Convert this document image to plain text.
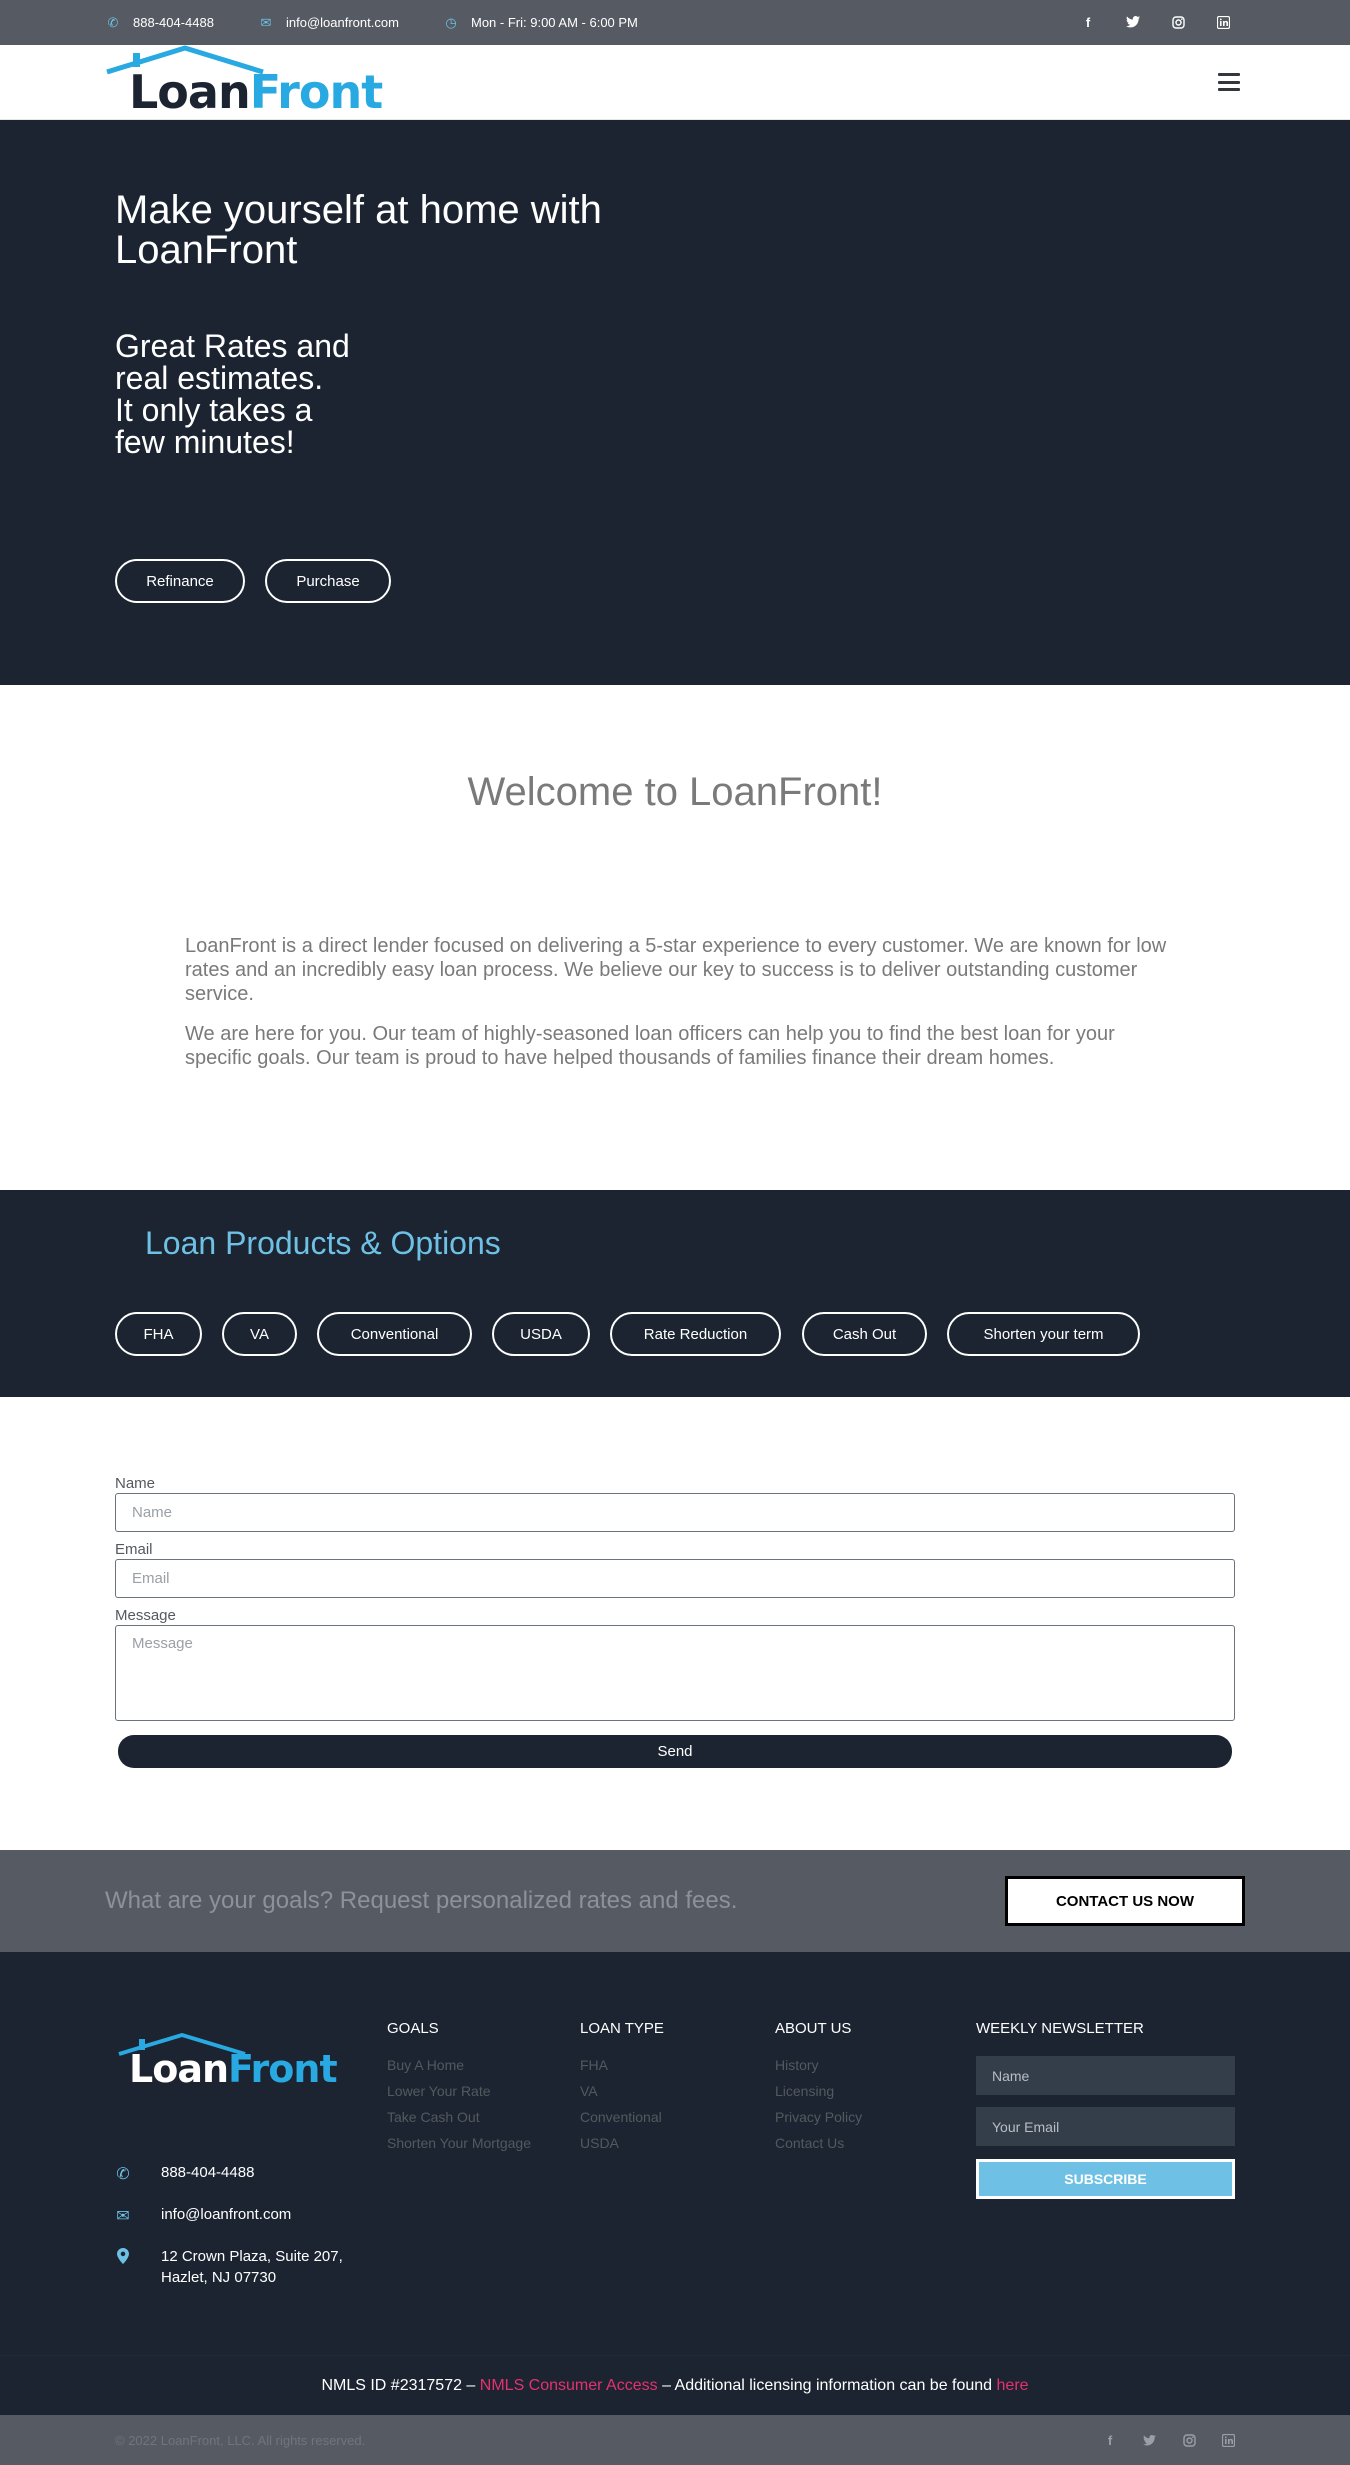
✆ 888-404-4488	✉ info@loanfront.com	◷ Mon - Fri: 9:00 AM - 6:00 PM	f
LoanFront
Make yourself at home with LoanFront
Great Rates and
real estimates.
It only takes a
few minutes!
Refinance	Purchase
Welcome to LoanFront!
LoanFront is a direct lender focused on delivering a 5-star experience to every customer. We are known for low rates and an incredibly easy loan process. We believe our key to success is to deliver outstanding customer service.
We are here for you. Our team of highly-seasoned loan officers can help you to find the best loan for your specific goals. Our team is proud to have helped thousands of families finance their dream homes.
Loan Products & Options
FHA	VA	Conventional	USDA	Rate Reduction	Cash Out	Shorten your term
Name
Name
Email
Email
Message
Message
Send
What are your goals? Request personalized rates and fees.	CONTACT US NOW
LoanFront
GOALS
Buy A Home
Lower Your Rate
Take Cash Out
Shorten Your Mortgage
LOAN TYPE
FHA
VA
Conventional
USDA
ABOUT US
History
Licensing
Privacy Policy
Contact Us
WEEKLY NEWSLETTER
✆ 888-404-4488
✉ info@loanfront.com
12 Crown Plaza, Suite 207,
Hazlet, NJ 07730
Name
Your Email
SUBSCRIBE
NMLS ID #2317572 – NMLS Consumer Access – Additional licensing information can be found here
© 2022 LoanFront, LLC. All rights reserved.	f
